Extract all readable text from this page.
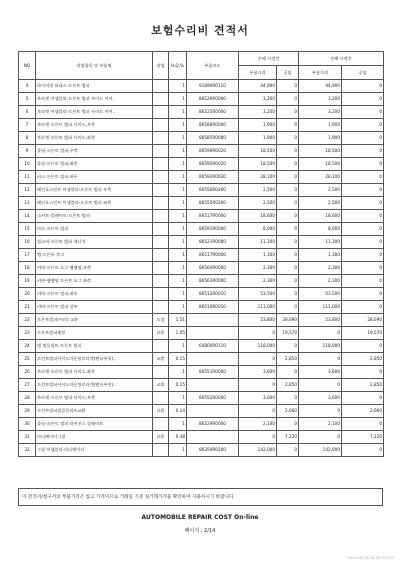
보험수리비 견적서
NO	작업항목 및 부품명	작업	H,Q,%	부품코드	손해 사정전		손해 사정후	
					부품가격	공임	부품가격	공임
4	하이어링 하네스-프론트 범퍼		1	91890R0110	44,900	0	44,900	0
5	브라켓 어셈블리-프론트 범퍼 사이드 이어..		1	86526R0000	3,200	0	3,200	0
6	브라켓 어셈블리-프론트 범퍼 사이드 이어..		1	86525R0000	3,200	0	3,200	0
7	브라켓-프론트 범퍼 사이드,우측		1	86586R0000	1,900	0	1,900	0
8	브라켓-프론트 범퍼 사이드,좌측		1	86585R0000	1,900	0	1,900	0
9	몰딩-프론트 범퍼,우측		1	86596R0020	18,500	0	18,500	0
10	몰딩-프론트 범퍼,좌측		1	86595R0020	18,500	0	18,500	0
11	피스-프론트 범퍼,좌우		1	86592R0020	28,100	0	28,100	0
12	레인포스먼트 어셈블리-프론트 범퍼 우측		1	86556R0200	2,500	0	2,500	0
13	레인포스먼트 어셈블리-프론트 범퍼 좌측		1	86555R0200	2,500	0	2,500	0
14	스커트-플레이트-프론트 범퍼		1	86517R0000	18,600	0	18,600	0
15	라프-프론트 범퍼		1	86591R0000	8,000	0	8,000	0
16	업소버-프론트 범퍼 에너지		1	86521R0000	11,300	0	11,300	0
17	캡-프론트 후크		1	86517R0000	1,300	0	1,300	0
18	커버-프론트 포그 램램핑,우측		1	86564R0000	2,300	0	2,300	0
19	커버-램램핑 프론트 포그 좌측		1	86563R0000	2,300	0	2,300	0
20	커버-프론트 범퍼,좌우		1	86512R0010	53,500	0	53,500	0
21	커버-프론트 범퍼 상부		1	86510R0010	111,000	0	111,000	0
22	프론트범퍼(어퍼) 교환	도장	1.51		53,800	28,690	53,800	28,690
23	프론트범퍼패킹	교환	1.05		0	19,570	0	19,570
24	범 컴플리트-프론트 범퍼		1	64800R0110	118,000	0	118,000	0
25	프런트범퍼사이드마운팅브라켓(펜더부착)..	교환	0.15		0	2,850	0	2,850
26	브라켓-프론트 범퍼 사이드,좌측		1	86551R0000	3,600	0	3,600	0
27	프런트범퍼사이드마운팅브라켓(펜더부착)..	교환	0.15		0	2,850	0	2,850
28	브라켓-프론트 범퍼 사이드,우측		1	86552R0000	3,600	0	3,600	0
29	프런트범퍼빔콤플리트교환	교환	0.14		0	2,660	0	2,660
30	몰딩-프론트 범퍼 라이선스 플레이트		1	86529R0000	2,100	0	2,100	0
31	라디에이터그릴	교환	0.38		0	7,220	0	7,220
32	그릴 어셈블리-라디에이터		1	86350R0200	142,000	0	142,000	0
이 견적서/청구서의 부품가격은 참고 가격이므로 거래일 기준 실거래가격을 확인하여 사용하시기 바랍니다.
AUTOMOBILE REPAIR COST On-line
페이지 : 2/14
2024-08-16 16:40:52 KST
